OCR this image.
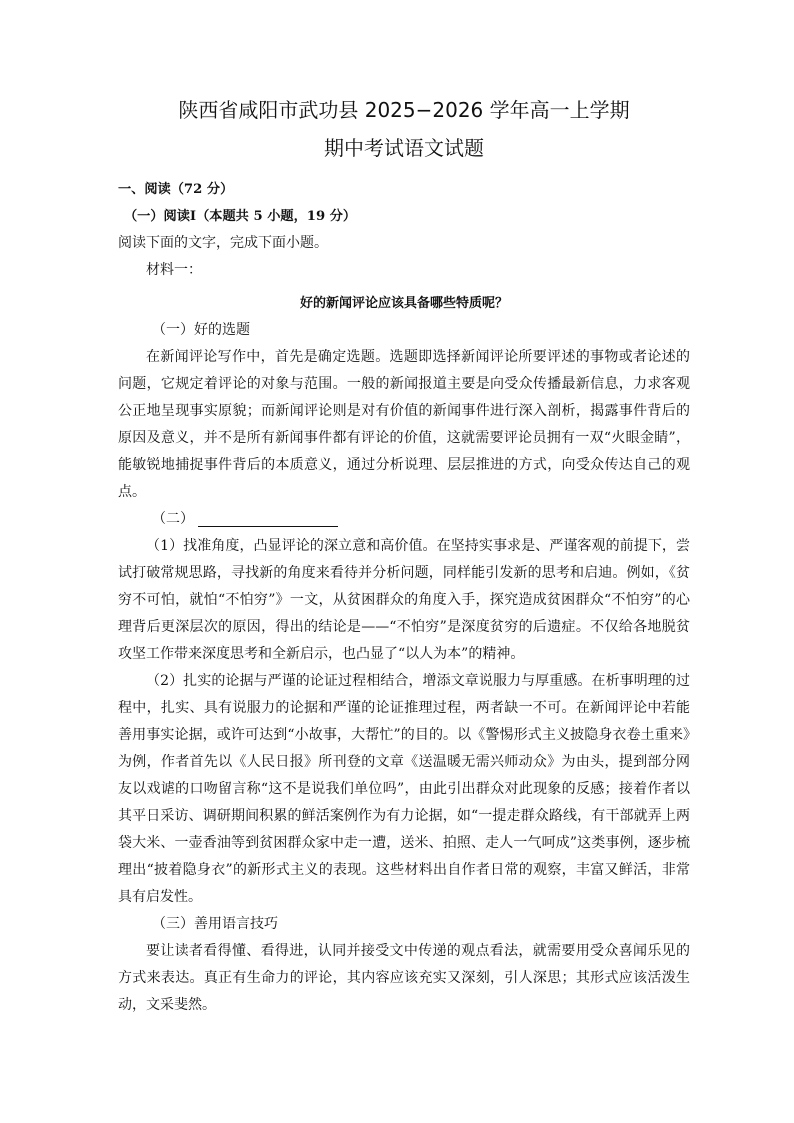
陕西省咸阳市武功县 2025−2026 学年高一上学期
期中考试语文试题

一、阅读（72 分）

（一）阅读Ⅰ（本题共 5 小题，19 分）

阅读下面的文字，完成下面小题。

材料一：

好的新闻评论应该具备哪些特质呢？

（一）好的选题

在新闻评论写作中，首先是确定选题。选题即选择新闻评论所要评述的事物或者论述的问题，它规定着评论的对象与范围。一般的新闻报道主要是向受众传播最新信息，力求客观公正地呈现事实原貌；而新闻评论则是对有价值的新闻事件进行深入剖析，揭露事件背后的原因及意义，并不是所有新闻事件都有评论的价值，这就需要评论员拥有一双“火眼金睛”，能敏锐地捕捉事件背后的本质意义，通过分析说理、层层推进的方式，向受众传达自己的观点。

（二）

（1）找准角度，凸显评论的深立意和高价值。在坚持实事求是、严谨客观的前提下，尝试打破常规思路，寻找新的角度来看待并分析问题，同样能引发新的思考和启迪。例如，《贫穷不可怕，就怕“不怕穷”》一文，从贫困群众的角度入手，探究造成贫困群众“不怕穷”的心理背后更深层次的原因，得出的结论是——“不怕穷”是深度贫穷的后遗症。不仅给各地脱贫攻坚工作带来深度思考和全新启示，也凸显了“以人为本”的精神。

（2）扎实的论据与严谨的论证过程相结合，增添文章说服力与厚重感。在析事明理的过程中，扎实、具有说服力的论据和严谨的论证推理过程，两者缺一不可。在新闻评论中若能善用事实论据，或许可达到“小故事，大帮忙”的目的。以《警惕形式主义披隐身衣卷土重来》为例，作者首先以《人民日报》所刊登的文章《送温暖无需兴师动众》为由头，提到部分网友以戏谑的口吻留言称“这不是说我们单位吗”，由此引出群众对此现象的反感；接着作者以其平日采访、调研期间积累的鲜活案例作为有力论据，如“一提走群众路线，有干部就弄上两袋大米、一壶香油等到贫困群众家中走一遭，送米、拍照、走人一气呵成”这类事例，逐步梳理出“披着隐身衣”的新形式主义的表现。这些材料出自作者日常的观察，丰富又鲜活，非常具有启发性。

（三）善用语言技巧

要让读者看得懂、看得进，认同并接受文中传递的观点看法，就需要用受众喜闻乐见的方式来表达。真正有生命力的评论，其内容应该充实又深刻，引人深思；其形式应该活泼生动，文采斐然。
